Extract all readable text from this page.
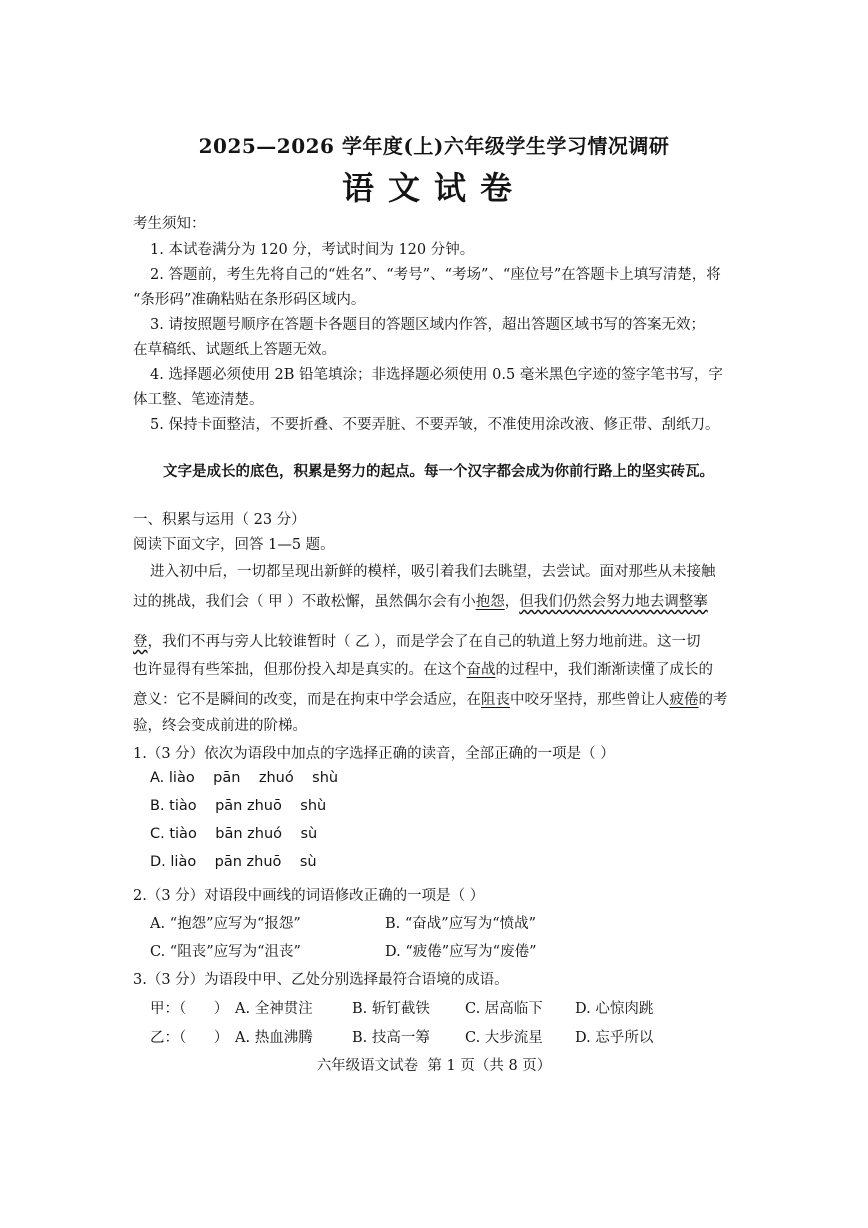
2025—2026 学年度(上)六年级学生学习情况调研
语文试卷
考生须知：
1. 本试卷满分为 120 分，考试时间为 120 分钟。
2. 答题前，考生先将自己的“姓名”、“考号”、“考场”、“座位号”在答题卡上填写清楚，将
“条形码”准确粘贴在条形码区域内。
3. 请按照题号顺序在答题卡各题目的答题区域内作答，超出答题区域书写的答案无效；
在草稿纸、试题纸上答题无效。
4. 选择题必须使用 2B 铅笔填涂；非选择题必须使用 0.5 毫米黑色字迹的签字笔书写，字
体工整、笔迹清楚。
5. 保持卡面整洁，不要折叠、不要弄脏、不要弄皱，不准使用涂改液、修正带、刮纸刀。
文字是成长的底色，积累是努力的起点。每一个汉字都会成为你前行路上的坚实砖瓦。
一、积累与运用（ 23 分）
阅读下面文字，回答 1—5 题。
进入初中后，一切都呈现出新鲜的模样，吸引着我们去眺望，去尝试。面对那些从未接触
过的挑战，我们会（ 甲 ）不敢松懈，虽然偶尔会有小抱怨，但我们仍然会努力地去调整搴
登，我们不再与旁人比较谁暂时（ 乙 ），而是学会了在自己的轨道上努力地前进。这一切
也许显得有些笨拙，但那份投入却是真实的。在这个奋战的过程中，我们渐渐读懂了成长的
意义：它不是瞬间的改变，而是在拘束中学会适应，在阻丧中咬牙坚持，那些曾让人疲倦的考
验，终会变成前进的阶梯。
1.（3 分）依次为语段中加点的字选择正确的读音，全部正确的一项是（ ）
A. liào    pān    zhuó    shù
B. tiào    pān zhuō    shù
C. tiào    bān zhuó    sù
D. liào    pān zhuō    sù
2.（3 分）对语段中画线的词语修改正确的一项是（ ）
A. “抱怨”应写为“报怨”	B. “奋战”应写为“愤战”
C. “阻丧”应写为“沮丧”	D. “疲倦”应写为“废倦”
3.（3 分）为语段中甲、乙处分别选择最符合语境的成语。
甲：（      ） A. 全神贯注	B. 斩钉截铁 C. 居高临下 D. 心惊肉跳
乙：（      ） A. 热血沸腾	B. 技高一筹 C. 大步流星 D. 忘乎所以
六年级语文试卷  第 1 页（共 8 页）
